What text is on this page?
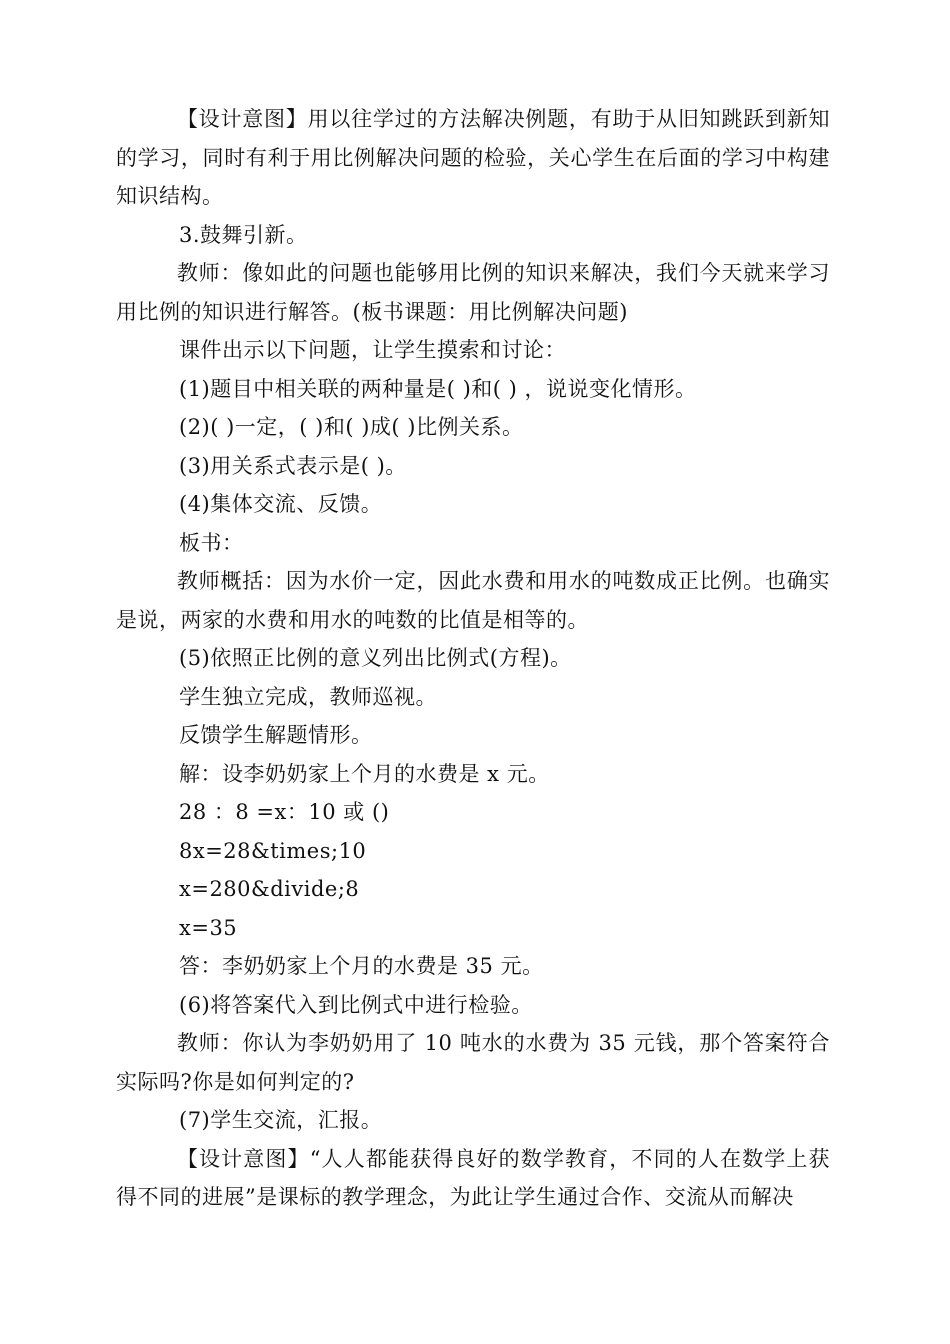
【设计意图】用以往学过的方法解决例题，有助于从旧知跳跃到新知的学习，同时有利于用比例解决问题的检验，关心学生在后面的学习中构建知识结构。

3.鼓舞引新。

教师：像如此的问题也能够用比例的知识来解决，我们今天就来学习用比例的知识进行解答。(板书课题：用比例解决问题)

课件出示以下问题，让学生摸索和讨论：

(1)题目中相关联的两种量是( )和( ) ，说说变化情形。

(2)( )一定，( )和( )成( )比例关系。

(3)用关系式表示是( )。

(4)集体交流、反馈。

板书：

教师概括：因为水价一定，因此水费和用水的吨数成正比例。也确实是说，两家的水费和用水的吨数的比值是相等的。

(5)依照正比例的意义列出比例式(方程)。

学生独立完成，教师巡视。

反馈学生解题情形。

解：设李奶奶家上个月的水费是 x 元。

28 ：8 =x：10 或 ()

8x=28&times;10

x=280&divide;8

x=35

答：李奶奶家上个月的水费是 35 元。

(6)将答案代入到比例式中进行检验。

教师：你认为李奶奶用了 10 吨水的水费为 35 元钱，那个答案符合实际吗?你是如何判定的?

(7)学生交流，汇报。

【设计意图】“人人都能获得良好的数学教育，不同的人在数学上获得不同的进展”是课标的教学理念，为此让学生通过合作、交流从而解决
